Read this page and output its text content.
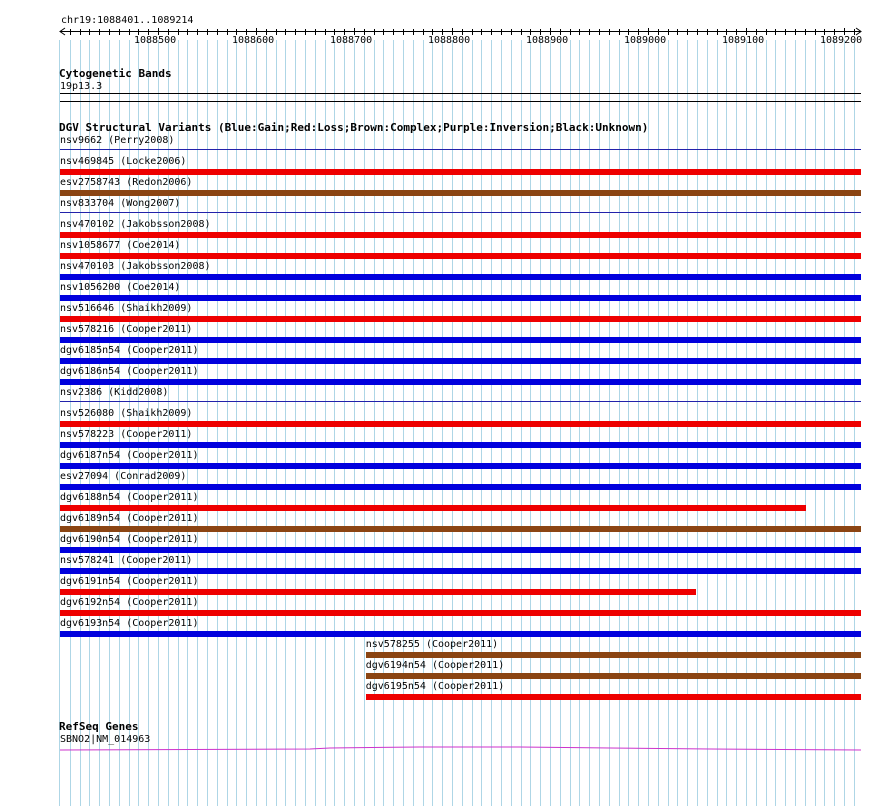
chr19:1088401..1089214
Cytogenetic Bands
19p13.3
DGV Structural Variants (Blue:Gain;Red:Loss;Brown:Complex;Purple:Inversion;Black:Unknown)
RefSeq Genes
SBNO2|NM_014963
1088500	1088600	1088700	1088800	1088900	1089000	1089100	1089200
nsv9662 (Perry2008)
nsv469845 (Locke2006)
esv2758743 (Redon2006)
nsv833704 (Wong2007)
nsv470102 (Jakobsson2008)
nsv1058677 (Coe2014)
nsv470103 (Jakobsson2008)
nsv1056200 (Coe2014)
nsv516646 (Shaikh2009)
nsv578216 (Cooper2011)
dgv6185n54 (Cooper2011)
dgv6186n54 (Cooper2011)
nsv2386 (Kidd2008)
nsv526080 (Shaikh2009)
nsv578223 (Cooper2011)
dgv6187n54 (Cooper2011)
esv27094 (Conrad2009)
dgv6188n54 (Cooper2011)
dgv6189n54 (Cooper2011)
dgv6190n54 (Cooper2011)
nsv578241 (Cooper2011)
dgv6191n54 (Cooper2011)
dgv6192n54 (Cooper2011)
dgv6193n54 (Cooper2011)
nsv578255 (Cooper2011)
dgv6194n54 (Cooper2011)
dgv6195n54 (Cooper2011)
